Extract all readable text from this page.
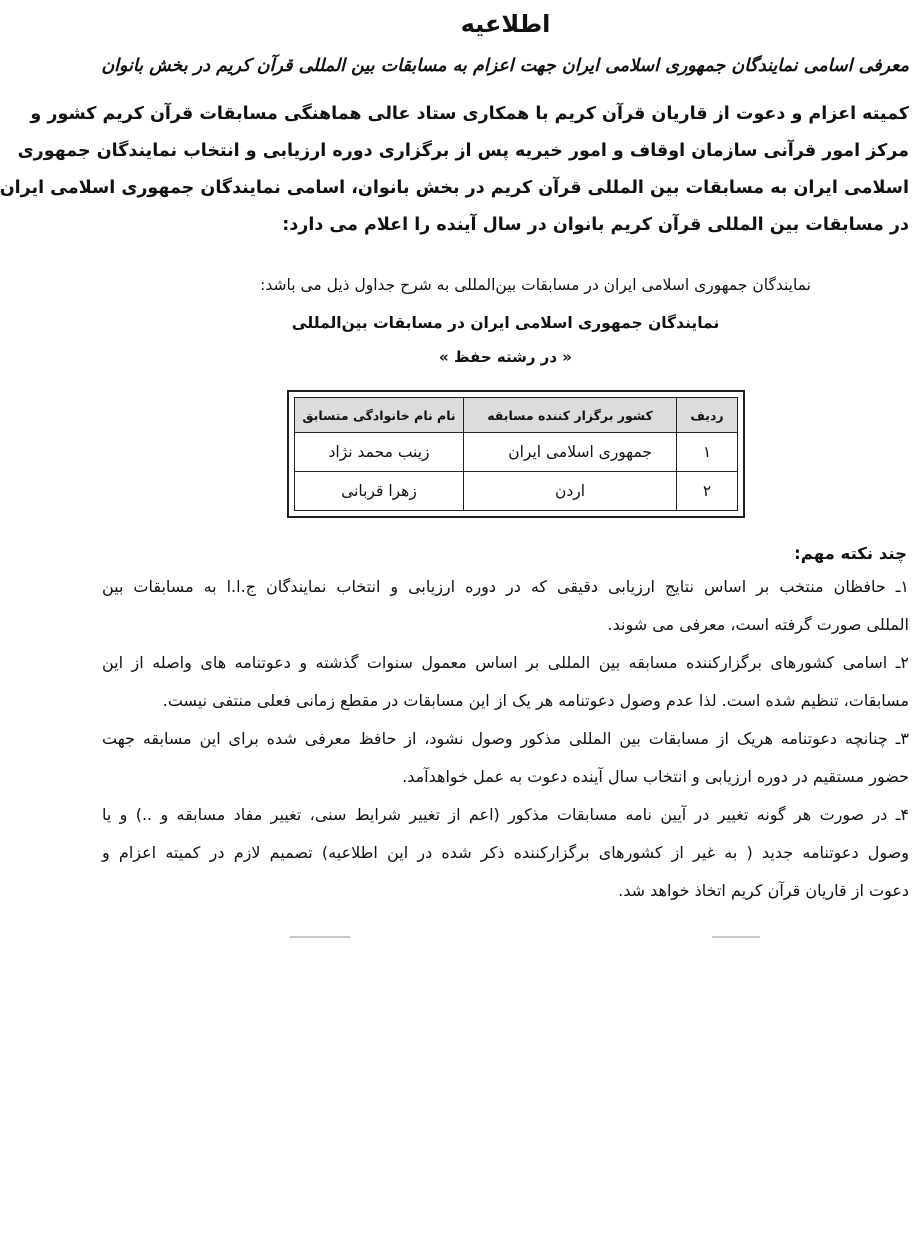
اطلاعیه
معرفی اسامی نمایندگان جمهوری اسلامی ایران جهت اعزام به مسابقات بین المللی قرآن کریم در بخش بانوان
کمیته اعزام و دعوت از قاریان قرآن کریم با همکاری ستاد عالی هماهنگی مسابقات قرآن کریم کشور و
مرکز امور قرآنی سازمان اوقاف و امور خیریه پس از برگزاری دوره ارزیابی و انتخاب نمایندگان جمهوری
اسلامی ایران به مسابقات بین المللی قرآن کریم در بخش بانوان، اسامی نمایندگان جمهوری اسلامی ایران
در مسابقات بین المللی قرآن کریم بانوان در سال آینده را اعلام می دارد:
نمایندگان جمهوری اسلامی ایران در مسابقات بین‌المللی به شرح جداول ذیل می باشد:
نمایندگان جمهوری اسلامی ایران در مسابقات بین‌المللی
« در رشته حفظ »
ردیف	کشور برگزار کننده مسابقه	نام نام خانوادگی متسابق
۱	جمهوری اسلامی ایران	زینب محمد نژاد
۲	اردن	زهرا قربانی
چند نکته مهم:
۱ـ حافظان منتخب بر اساس نتایج ارزیابی دقیقی که در دوره ارزیابی و انتخاب نمایندگان ج.ا.ا به مسابقات بین
المللی صورت گرفته است، معرفی می شوند.
۲ـ اسامی کشورهای برگزارکننده مسابقه بین المللی بر اساس معمول سنوات گذشته و دعوتنامه های واصله از این
مسابقات، تنظیم شده است. لذا عدم وصول دعوتنامه هر یک از این مسابقات در مقطع زمانی فعلی منتفی نیست.
۳ـ چنانچه دعوتنامه هریک از مسابقات بین المللی مذکور وصول نشود، از حافظ معرفی شده برای این مسابقه جهت
حضور مستقیم در دوره ارزیابی و انتخاب سال آینده دعوت به عمل خواهدآمد.
۴ـ در صورت هر گونه تغییر در آیین نامه مسابقات مذکور (اعم از تغییر شرایط سنی، تغییر مفاد مسابقه و ..) و یا
وصول دعوتنامه جدید ( به غیر از کشورهای برگزارکننده ذکر شده در این اطلاعیه) تصمیم لازم در کمیته اعزام و
دعوت از قاریان قرآن کریم اتخاذ خواهد شد.
